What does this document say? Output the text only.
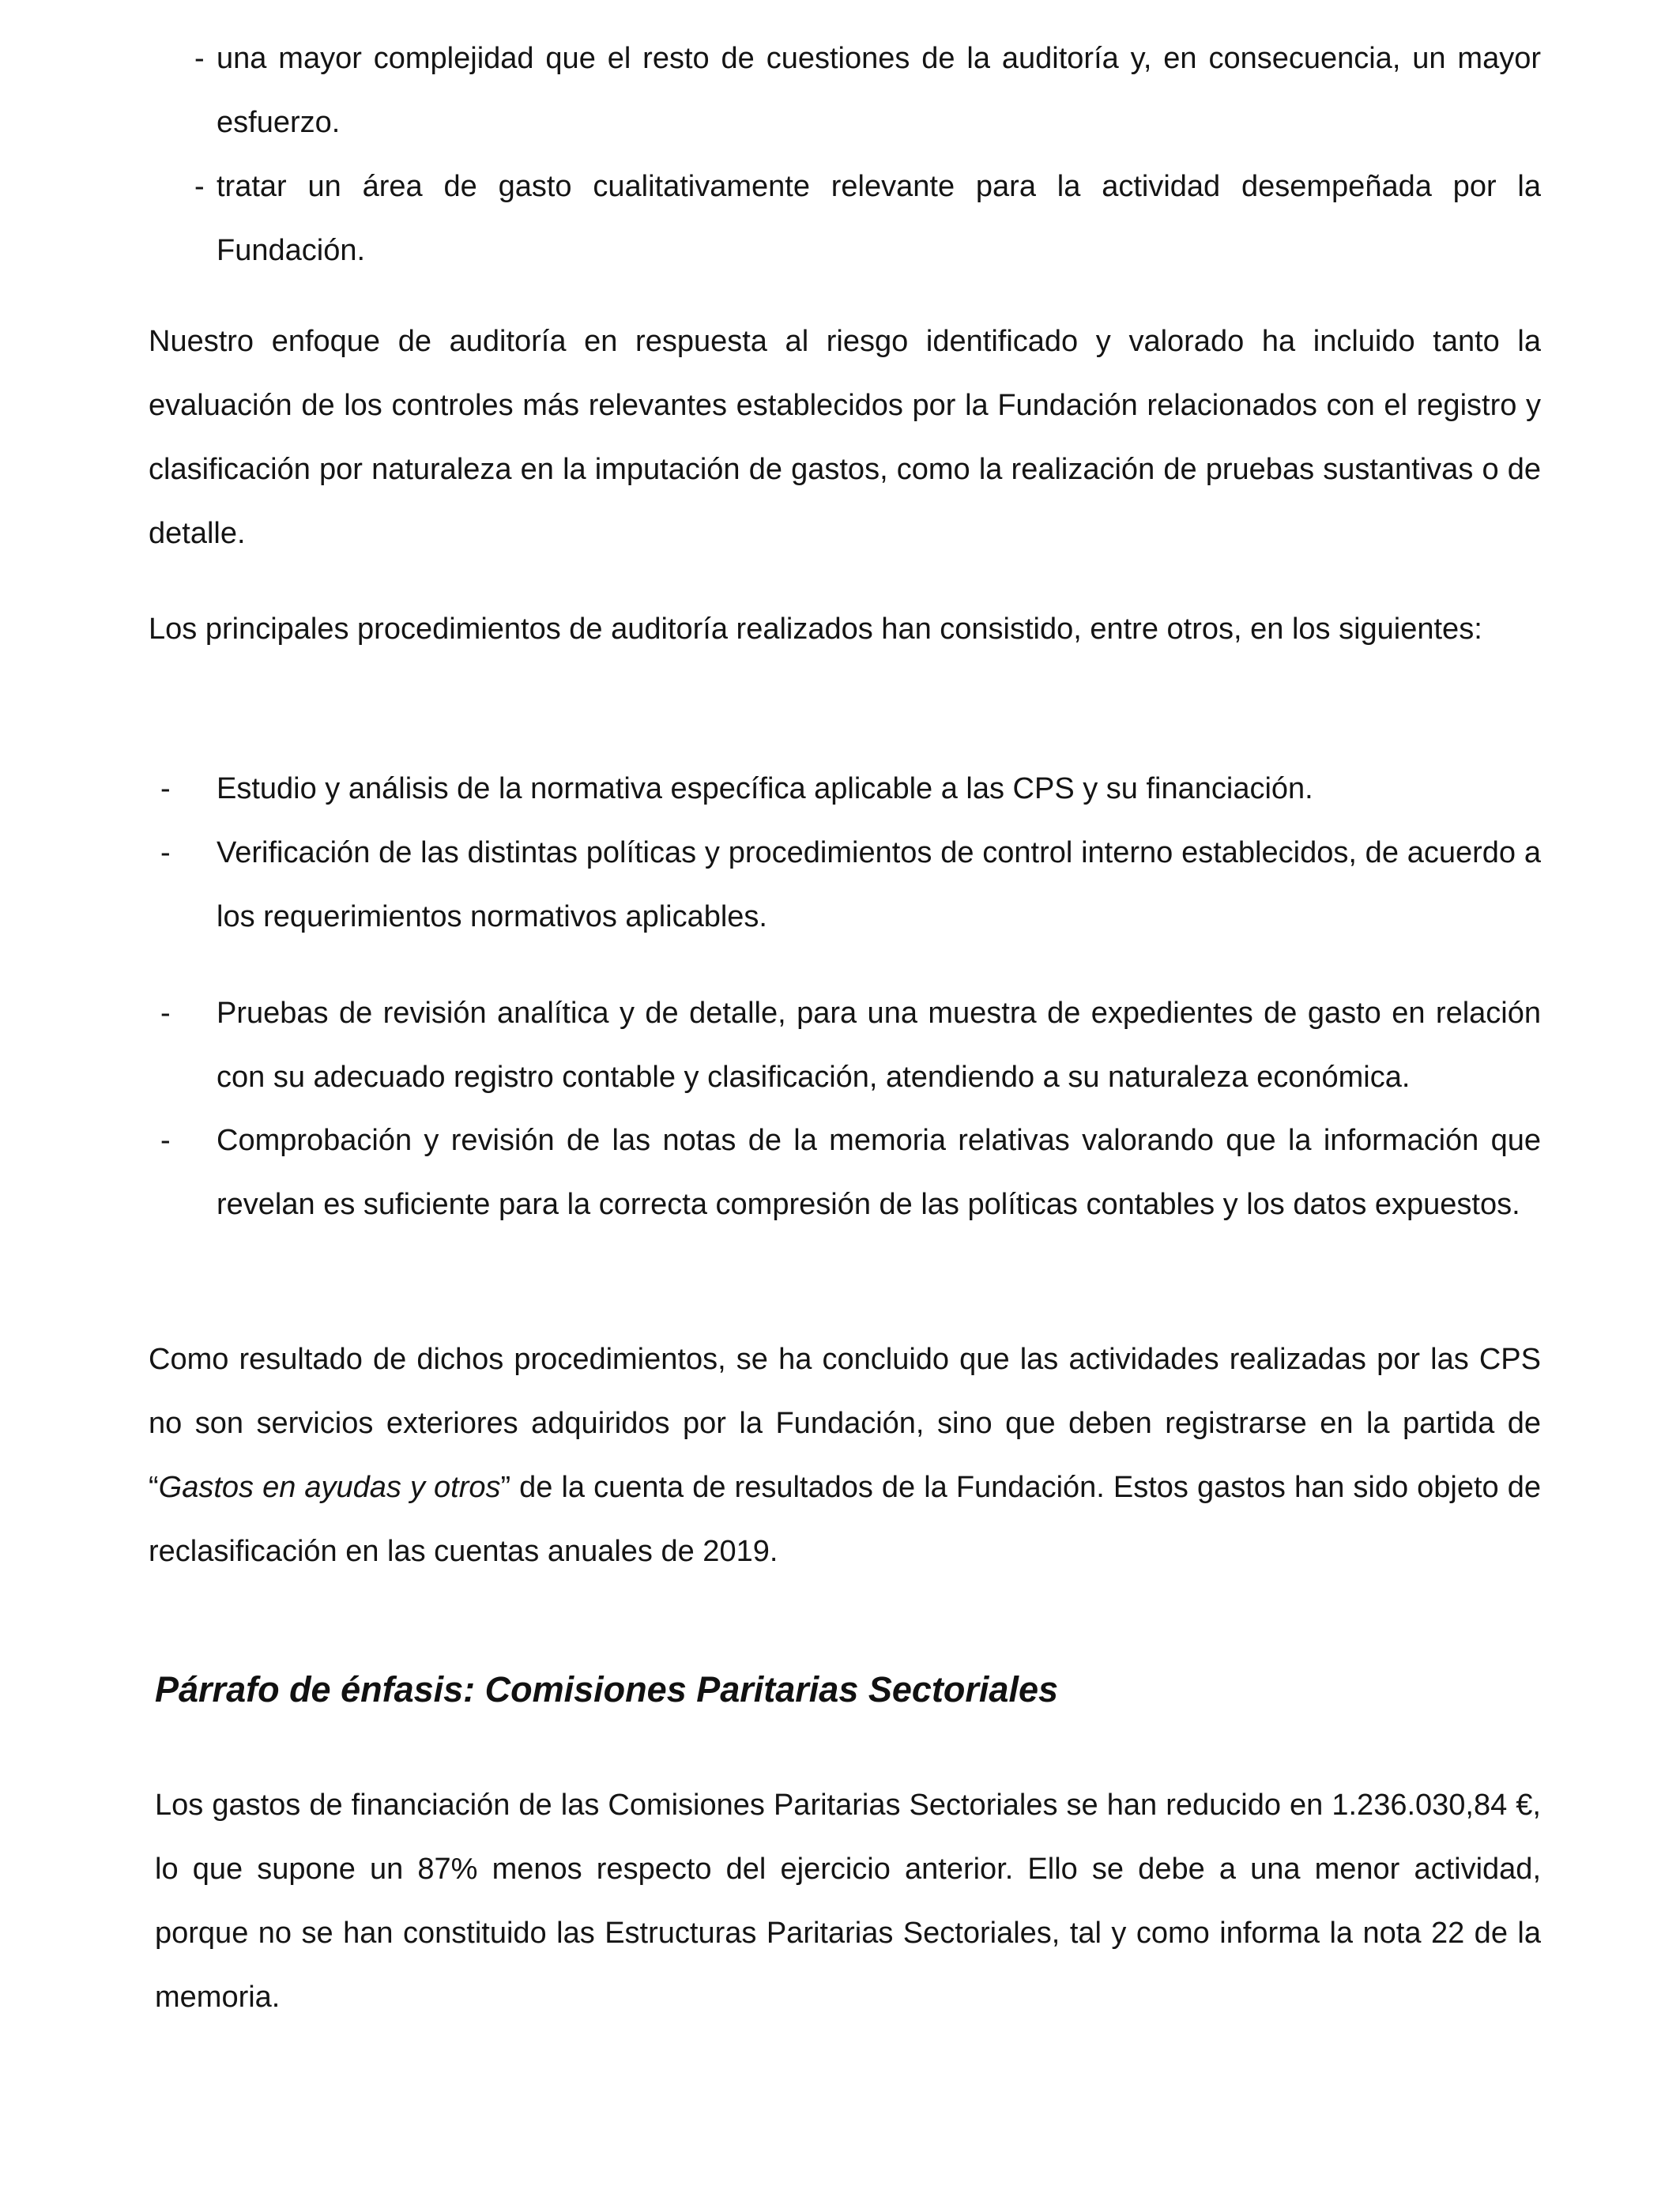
- una mayor complejidad que el resto de cuestiones de la auditoría y, en consecuencia, un mayor esfuerzo.

- tratar un área de gasto cualitativamente relevante para la actividad desempeñada por la Fundación.

Nuestro enfoque de auditoría en respuesta al riesgo identificado y valorado ha incluido tanto la evaluación de los controles más relevantes establecidos por la Fundación relacionados con el registro y clasificación por naturaleza en la imputación de gastos, como la realización de pruebas sustantivas o de detalle.

Los principales procedimientos de auditoría realizados han consistido, entre otros, en los siguientes:

- Estudio y análisis de la normativa específica aplicable a las CPS y su financiación.

- Verificación de las distintas políticas y procedimientos de control interno establecidos, de acuerdo a los requerimientos normativos aplicables.

- Pruebas de revisión analítica y de detalle, para una muestra de expedientes de gasto en relación con su adecuado registro contable y clasificación, atendiendo a su naturaleza económica.

- Comprobación y revisión de las notas de la memoria relativas valorando que la información que revelan es suficiente para la correcta compresión de las políticas contables y los datos expuestos.

Como resultado de dichos procedimientos, se ha concluido que las actividades realizadas por las CPS no son servicios exteriores adquiridos por la Fundación, sino que deben registrarse en la partida de “Gastos en ayudas y otros” de la cuenta de resultados de la Fundación. Estos gastos han sido objeto de reclasificación en las cuentas anuales de 2019.

Párrafo de énfasis: Comisiones Paritarias Sectoriales

Los gastos de financiación de las Comisiones Paritarias Sectoriales se han reducido en 1.236.030,84 €, lo que supone un 87% menos respecto del ejercicio anterior. Ello se debe a una menor actividad, porque no se han constituido las Estructuras Paritarias Sectoriales, tal y como informa la nota 22 de la memoria.
